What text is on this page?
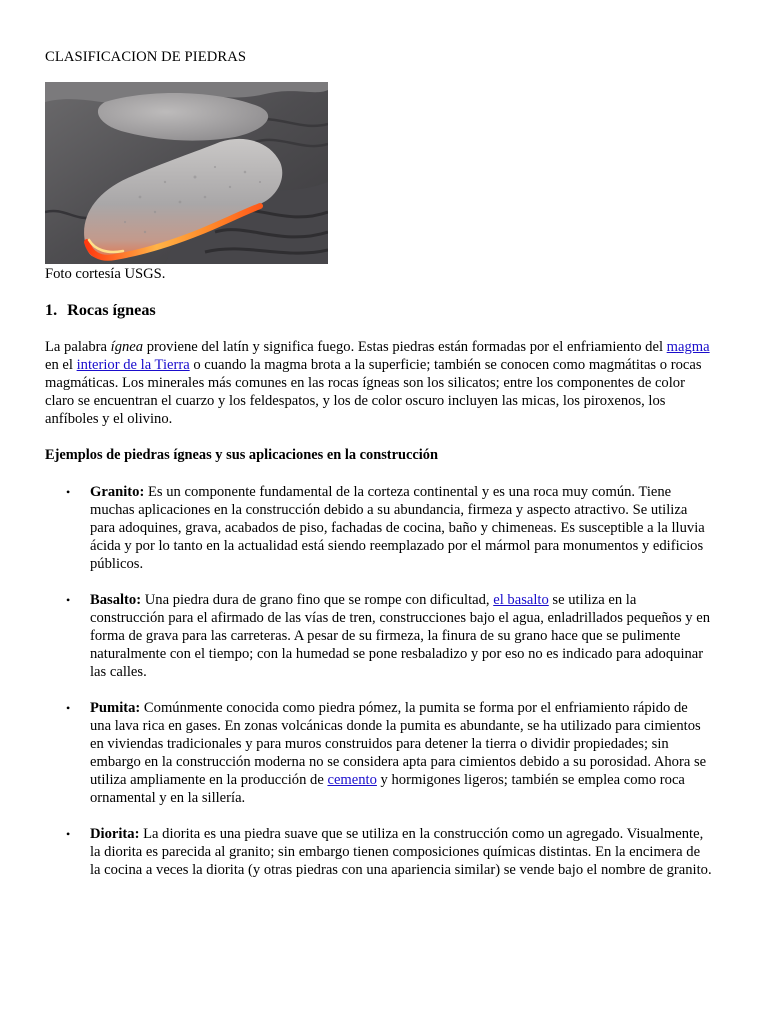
CLASIFICACION DE PIEDRAS
Foto cortesía USGS.
1. Rocas ígneas

La palabra ígnea proviene del latín y significa fuego. Estas piedras están formadas por el enfriamiento del magma en el interior de la Tierra o cuando la magma brota a la superficie; también se conocen como magmátitas o rocas magmáticas. Los minerales más comunes en las rocas ígneas son los silicatos; entre los componentes de color claro se encuentran el cuarzo y los feldespatos, y los de color oscuro incluyen las micas, los piroxenos, los anfíboles y el olivino.

Ejemplos de piedras ígneas y sus aplicaciones en la construcción
• Granito: Es un componente fundamental de la corteza continental y es una roca muy común. Tiene muchas aplicaciones en la construcción debido a su abundancia, firmeza y aspecto atractivo. Se utiliza para adoquines, grava, acabados de piso, fachadas de cocina, baño y chimeneas. Es susceptible a la lluvia ácida y por lo tanto en la actualidad está siendo reemplazado por el mármol para monumentos y edificios públicos.
• Basalto: Una piedra dura de grano fino que se rompe con dificultad, el basalto se utiliza en la construcción para el afirmado de las vías de tren, construcciones bajo el agua, enladrillados pequeños y en forma de grava para las carreteras. A pesar de su firmeza, la finura de su grano hace que se pulimente naturalmente con el tiempo; con la humedad se pone resbaladizo y por eso no es indicado para adoquinar las calles.
• Pumita: Comúnmente conocida como piedra pómez, la pumita se forma por el enfriamiento rápido de una lava rica en gases. En zonas volcánicas donde la pumita es abundante, se ha utilizado para cimientos en viviendas tradicionales y para muros construidos para detener la tierra o dividir propiedades; sin embargo en la construcción moderna no se considera apta para cimientos debido a su porosidad. Ahora se utiliza ampliamente en la producción de cemento y hormigones ligeros; también se emplea como roca ornamental y en la sillería.
• Diorita: La diorita es una piedra suave que se utiliza en la construcción como un agregado. Visualmente, la diorita es parecida al granito; sin embargo tienen composiciones químicas distintas. En la encimera de la cocina a veces la diorita (y otras piedras con una apariencia similar) se vende bajo el nombre de granito.
